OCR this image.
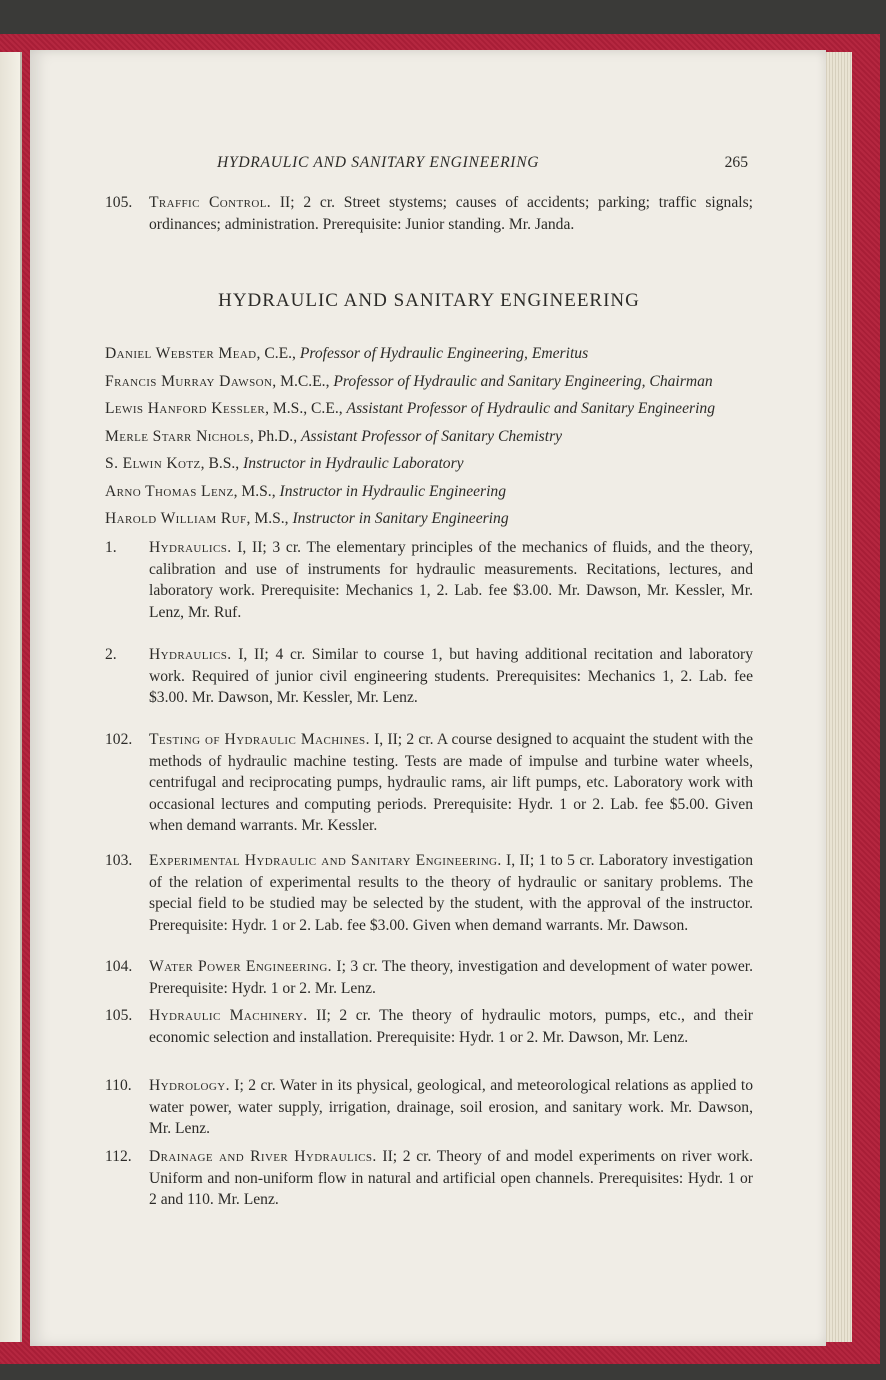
HYDRAULIC AND SANITARY ENGINEERING	265
105.	Traffic Control. II; 2 cr. Street stystems; causes of accidents; parking; traffic signals; ordinances; administration. Prerequisite: Junior standing. Mr. Janda.
HYDRAULIC AND SANITARY ENGINEERING

Daniel Webster Mead, C.E., Professor of Hydraulic Engineering, Emeritus

Francis Murray Dawson, M.C.E., Professor of Hydraulic and Sanitary Engineering, Chairman

Lewis Hanford Kessler, M.S., C.E., Assistant Professor of Hydraulic and Sanitary Engineering

Merle Starr Nichols, Ph.D., Assistant Professor of Sanitary Chemistry

S. Elwin Kotz, B.S., Instructor in Hydraulic Laboratory

Arno Thomas Lenz, M.S., Instructor in Hydraulic Engineering

Harold William Ruf, M.S., Instructor in Sanitary Engineering

1.	Hydraulics. I, II; 3 cr. The elementary principles of the mechanics of fluids, and the theory, calibration and use of instruments for hydraulic measurements. Recitations, lectures, and laboratory work. Prerequisite: Mechanics 1, 2. Lab. fee $3.00. Mr. Dawson, Mr. Kessler, Mr. Lenz, Mr. Ruf.
2.	Hydraulics. I, II; 4 cr. Similar to course 1, but having additional recitation and laboratory work. Required of junior civil engineering students. Prerequisites: Mechanics 1, 2. Lab. fee $3.00. Mr. Dawson, Mr. Kessler, Mr. Lenz.
102.	Testing of Hydraulic Machines. I, II; 2 cr. A course designed to acquaint the student with the methods of hydraulic machine testing. Tests are made of impulse and turbine water wheels, centrifugal and reciprocating pumps, hydraulic rams, air lift pumps, etc. Laboratory work with occasional lectures and computing periods. Prerequisite: Hydr. 1 or 2. Lab. fee $5.00. Given when demand warrants. Mr. Kessler.
103.	Experimental Hydraulic and Sanitary Engineering. I, II; 1 to 5 cr. Laboratory investigation of the relation of experimental results to the theory of hydraulic or sanitary problems. The special field to be studied may be selected by the student, with the approval of the instructor. Prerequisite: Hydr. 1 or 2. Lab. fee $3.00. Given when demand warrants. Mr. Dawson.
104.	Water Power Engineering. I; 3 cr. The theory, investigation and development of water power. Prerequisite: Hydr. 1 or 2. Mr. Lenz.
105.	Hydraulic Machinery. II; 2 cr. The theory of hydraulic motors, pumps, etc., and their economic selection and installation. Prerequisite: Hydr. 1 or 2. Mr. Dawson, Mr. Lenz.
110.	Hydrology. I; 2 cr. Water in its physical, geological, and meteorological relations as applied to water power, water supply, irrigation, drainage, soil erosion, and sanitary work. Mr. Dawson, Mr. Lenz.
112.	Drainage and River Hydraulics. II; 2 cr. Theory of and model experiments on river work. Uniform and non-uniform flow in natural and artificial open channels. Prerequisites: Hydr. 1 or 2 and 110. Mr. Lenz.
